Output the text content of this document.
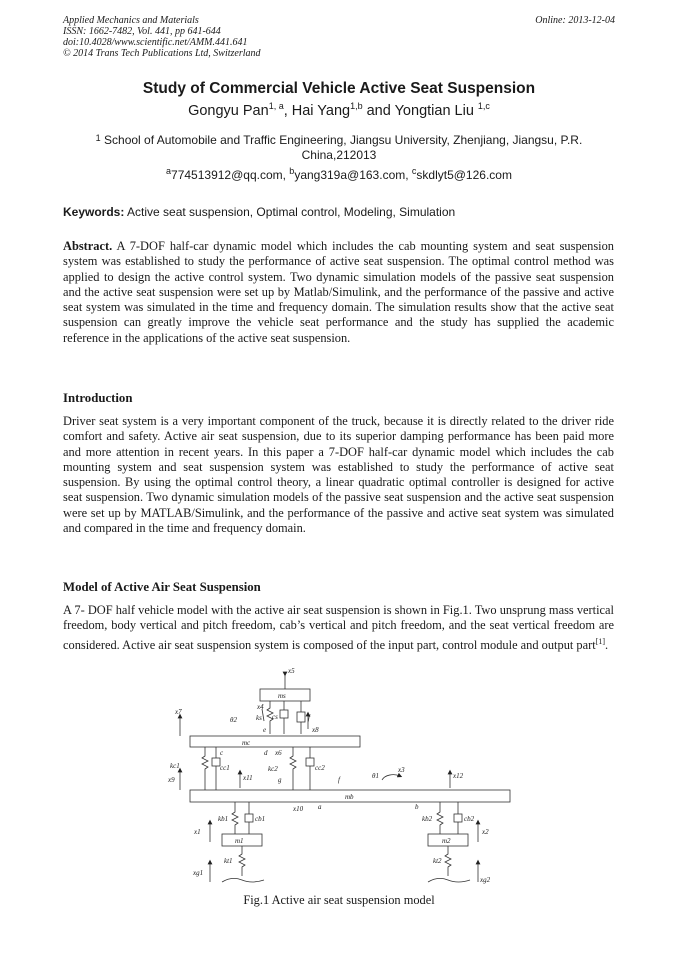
Applied Mechanics and Materials
ISSN: 1662-7482, Vol. 441, pp 641-644
doi:10.4028/www.scientific.net/AMM.441.641
© 2014 Trans Tech Publications Ltd, Switzerland
Online: 2013-12-04
Study of Commercial Vehicle Active Seat Suspension
Gongyu Pan$^{1, a}$, Hai Yang$^{1,b}$ and Yongtian Liu $^{1,c}$
$^1$ School of Automobile and Traffic Engineering, Jiangsu University, Zhenjiang, Jiangsu, P.R. China,212013
$^a$774513912@qq.com, $^b$yang319a@163.com, $^c$skdlyt5@126.com
Keywords: Active seat suspension, Optimal control, Modeling, Simulation
Abstract. A 7-DOF half-car dynamic model which includes the cab mounting system and seat suspension system was established to study the performance of active seat suspension. The optimal control method was applied to design the active control system. Two dynamic simulation models of the passive seat suspension and the active seat suspension were set up by Matlab/Simulink, and the performance of the passive and active seat system was simulated in the time and frequency domain. The simulation results show that the active seat suspension can greatly improve the vehicle seat performance and the study has supplied the academic reference in the applications of the active seat suspension.
Introduction
Driver seat system is a very important component of the truck, because it is directly related to the driver ride comfort and safety. Active air seat suspension, due to its superior damping performance has been paid more and more attention in recent years. In this paper a 7-DOF half-car dynamic model which includes the cab mounting system and seat suspension system was established to study the performance of active seat suspension. By using the optimal control theory, a linear quadratic optimal controller is designed for active seat suspension. Two dynamic simulation models of the passive seat suspension and the active seat suspension were set up by MATLAB/Simulink, and the performance of the passive and active seat system was simulated and compared in the time and frequency domain.
Model of Active Air Seat Suspension
A 7- DOF half vehicle model with the active air seat suspension is shown in Fig.1. Two unsprung mass vertical freedom, body vertical and pitch freedom, cab’s vertical and pitch freedom, and the seat vertical freedom are considered. Active air seat suspension system is composed of the input part, control module and output part[1].
x5
ms
x4
ks cs	f
x7
θ2
e	x8
mc
c	d x6
kc1	cc1	kc2	cc2
x9	x11	g	f	θ1
x3
x12
mb
x10 a	b
kb1	cb1	kb2	cb2
x1	x2
m1	m2
kt1	kt2
xg1
xg2
Fig.1 Active air seat suspension model
